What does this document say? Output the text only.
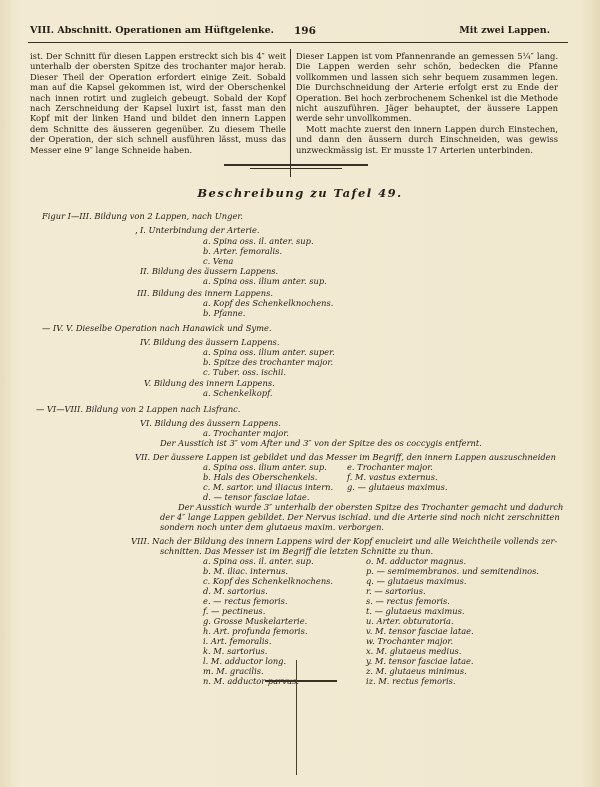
VIII. Abschnitt. Operationen am Hüftgelenke. 196	Mit zwei Lappen.

ist. Der Schnitt für diesen Lappen erstreckt sich bis 4″ weit unterhalb der obersten Spitze des trochanter major herab. Dieser Theil der Operation erfordert einige Zeit. Sobald man auf die Kapsel gekommen ist, wird der Oberschenkel nach innen rotirt und zugleich gebeugt. Sobald der Kopf nach Zerschneidung der Kapsel luxirt ist, fasst man den Kopf mit der linken Hand und bildet den innern Lappen dem Schnitte des äusseren gegenüber. Zu diesem Theile der Operation, der sich schnell ausführen lässt, muss das Messer eine 9″ lange Schneide haben.

Dieser Lappen ist vom Pfannenrande an gemessen 5¼″ lang. Die Lappen werden sehr schön, bedecken die Pfanne vollkommen und lassen sich sehr bequem zusammen legen. Die Durchschneidung der Arterie erfolgt erst zu Ende der Operation. Bei hoch zerbrochenem Schenkel ist die Methode nicht auszuführen. Jäger behauptet, der äussere Lappen werde sehr unvollkommen.

Mott machte zuerst den innern Lappen durch Einstechen, und dann den äussern durch Einschneiden, was gewiss unzweckmässig ist. Er musste 17 Arterien unterbinden.

Beschreibung zu Tafel 49.
Figur I—III. Bildung von 2 Lappen, nach Unger.
I. Unterbindung der Arterie.
a. Spina oss. il. anter. sup.
b. Arter. femoralis.
c. Vena
II. Bildung des äussern Lappens.
a. Spina oss. ilium anter. sup.
III. Bildung des innern Lappens.
a. Kopf des Schenkelknochens.
b. Pfanne.
— IV. V. Dieselbe Operation nach Hanawick und Syme.
IV. Bildung des äussern Lappens.
a. Spina oss. ilium anter. super.
b. Spitze des trochanter major.
c. Tuber. oss. ischii.
V. Bildung des innern Lappens.
a. Schenkelkopf.
— VI—VIII. Bildung von 2 Lappen nach Lisfranc.
VI. Bildung des äussern Lappens.
a. Trochanter major.
Der Ausstich ist 3″ vom After und 3″ von der Spitze des os coccygis entfernt.
VII. Der äussere Lappen ist gebildet und das Messer im Begriff, den innern Lappen auszuschneiden
a. Spina oss. ilium anter. sup.
b. Hals des Oberschenkels.
c. M. sartor. und iliacus intern.
d. — tensor fasciae latae.
e. Trochanter major.
f. M. vastus externus.
g. — glutaeus maximus.
Der Ausstich wurde 3″ unterhalb der obersten Spitze des Trochanter gemacht und dadurch
der 4″ lange Lappen gebildet. Der Nervus ischiad. und die Arterie sind noch nicht zerschnitten
sondern noch unter dem glutaeus maxim. verborgen.
VIII. Nach der Bildung des innern Lappens wird der Kopf enucleirt und alle Weichtheile vollends zer-
schnitten. Das Messer ist im Begriff die letzten Schnitte zu thun.
a. Spina oss. il. anter. sup.
b. M. iliac. internus.
c. Kopf des Schenkelknochens.
d. M. sartorius.
e. — rectus femoris.
f. — pectineus.
g. Grosse Muskelarterie.
h. Art. profunda femoris.
i. Art. femoralis.
k. M. sartorius.
l. M. adductor long.
m. M. gracilis.
n. M. adductor parvus.
o. M. adductor magnus.
p. — semimembranos. und semitendinos.
q. — glutaeus maximus.
r. — sartorius.
s. — rectus femoris.
t. — glutaeus maximus.
u. Arter. obturatoria.
v. M. tensor fasciae latae.
w. Trochanter major.
x. M. glutaeus medius.
y. M. tensor fasciae latae.
z. M. glutaeus minimus.
iz. M. rectus femoris.
,
